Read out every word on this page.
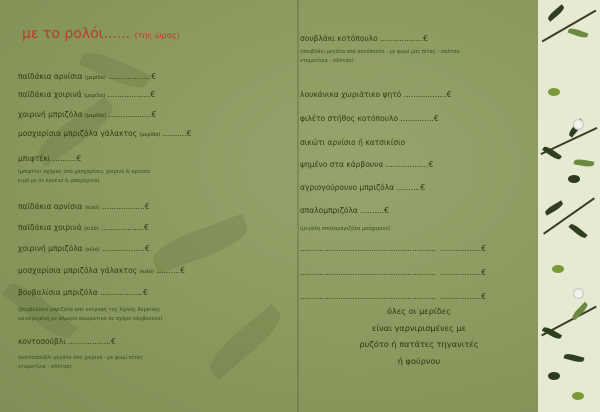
με το ρολόι...... (της ώρας)
παϊδάκια αρνίσια (μερίδα) ..................€
παϊδάκια χοιρινά (μερίδα) ..................€
χοιρινή μπριζόλα (μερίδα) ..................€
μοσχαρίσια μπριζόλα γάλακτος (μερίδα) ..........€
μπιφτέκι ..........€
(μπιφτέκι σχάρας από μοσχαρίσιο, χοιρινό & αρνίσιο
κιμά με σε κανένα & μπαχαρικά)
παϊδάκια αρνίσια (κιλό) ..................€
παϊδάκια χοιρινά (κιλό) ..................€
χοιρινή μπριζόλα (κιλό) ..................€
μοσχαρίσια μπριζόλα γάλακτος (κιλό) ..........€
βουβαλίσια μπριζόλα ..................€
(βουβαλίσια μπριζόλα από εκτροφή της λίμνης Κερκίνης
μαγειρεμένη με αλμυρό αρωματικό σε σχάρα κάρβουνου)
κοντοσούβλι ..................€
(κοντοσούβλι μεγάλο από χοιρινό - με ψωμί πίτας
ντοματίνια - σάλτσα)
σουβλάκι κοτόπουλο ..................€
(σουβλάκι μεγάλο από κοτόπουλο - με ψωμί μας πίτας - σάλτσα
ντοματίνια - σάλτσα)
λουκάνικα χωριάτικο ψητό ..................€
φιλέτο στήθος κοτόπουλο ..............€
σικώτι αρνίσιο ή κατσικίσιο
ψημένο στα κάρβουνα ..................€
αγριογούρουνο μπριζόλα ..........€
σπαλομπριζόλα ..........€
(μεγάλη σπαλομπριζόλα μοσχαριού)
.........................................................  .................€
.........................................................  .................€
.........................................................  .................€
όλες οι μερίδες
είναι γαρνιρισμένες με
ρυζότο ή πατάτες τηγανιτές
ή φούρνου
